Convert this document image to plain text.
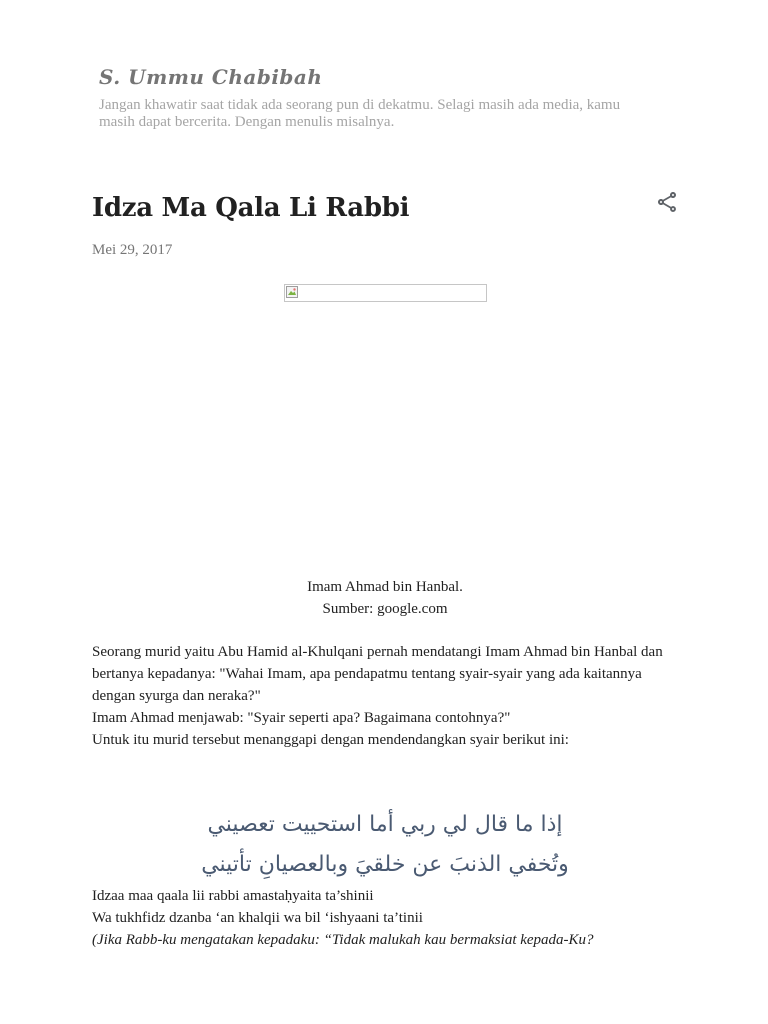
S. Ummu Chabibah
Jangan khawatir saat tidak ada seorang pun di dekatmu. Selagi masih ada media, kamu masih dapat bercerita. Dengan menulis misalnya.
Idza Ma Qala Li Rabbi
Mei 29, 2017
Imam Ahmad bin Hanbal.
Sumber: google.com

Seorang murid yaitu Abu Hamid al-Khulqani pernah mendatangi Imam Ahmad bin Hanbal dan bertanya kepadanya: "Wahai Imam, apa pendapatmu tentang syair-syair yang ada kaitannya dengan syurga dan neraka?"

Imam Ahmad menjawab: "Syair seperti apa? Bagaimana contohnya?"

Untuk itu murid tersebut menanggapi dengan mendendangkan syair berikut ini:

إذا ما قال لي ربي أما استحييت تعصيني
وتُخفي الذنبَ عن خلقيَ وبالعصيانِ تأتيني

Idzaa maa qaala lii rabbi amastaḥyaita ta’shinii

Wa tukhfidz dzanba ‘an khalqii wa bil ‘ishyaani ta’tinii

(Jika Rabb-ku mengatakan kepadaku: “Tidak malukah kau bermaksiat kepada-Ku?
